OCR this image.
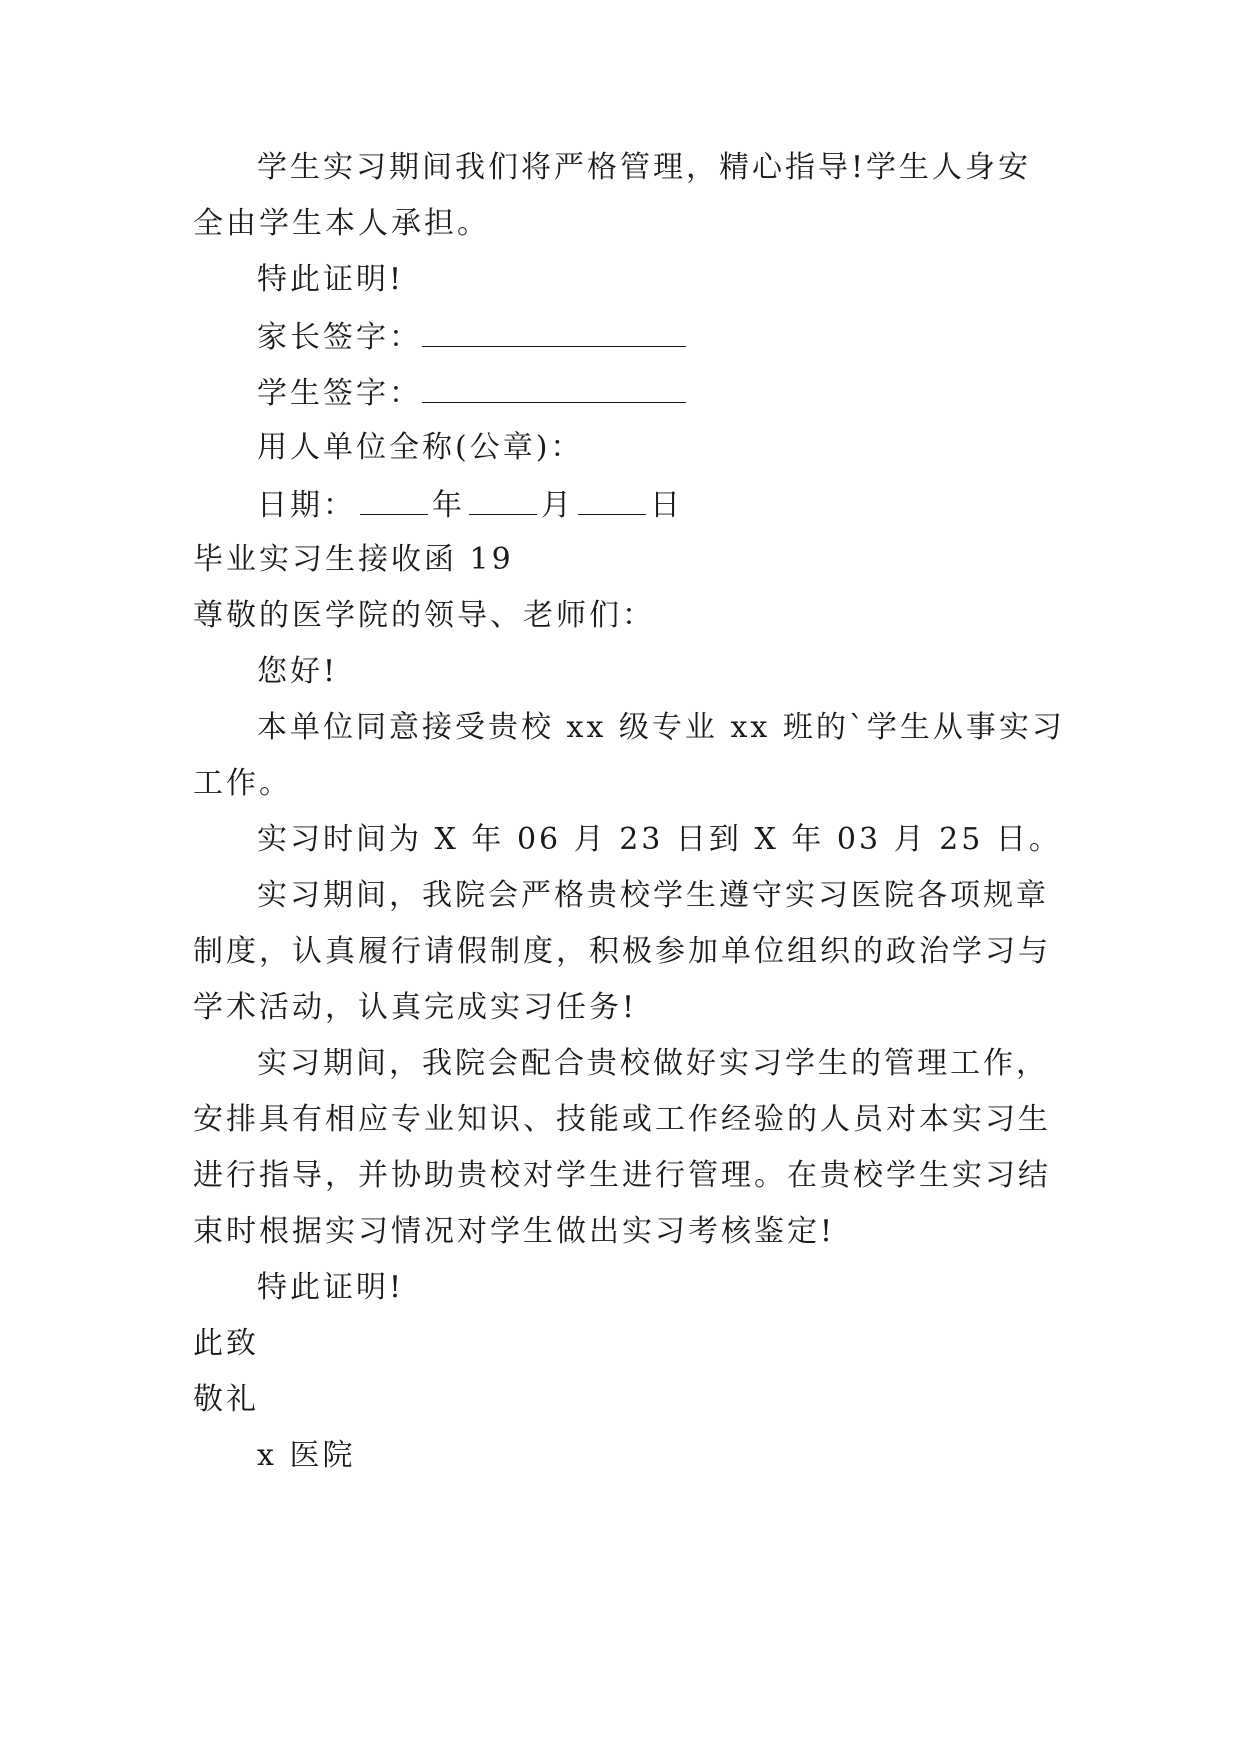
学生实习期间我们将严格管理，精心指导!学生人身安
全由学生本人承担。
特此证明!
家长签字：
学生签字：
用人单位全称(公章)：
日期：	年	月	日
毕业实习生接收函 19
尊敬的医学院的领导、老师们：
您好!
本单位同意接受贵校 xx 级专业 xx 班的`学生从事实习
工作。
实习时间为 X 年 06 月 23 日到 X 年 03 月 25 日。
实习期间，我院会严格贵校学生遵守实习医院各项规章
制度，认真履行请假制度，积极参加单位组织的政治学习与
学术活动，认真完成实习任务!
实习期间，我院会配合贵校做好实习学生的管理工作，
安排具有相应专业知识、技能或工作经验的人员对本实习生
进行指导，并协助贵校对学生进行管理。在贵校学生实习结
束时根据实习情况对学生做出实习考核鉴定!
特此证明!
此致
敬礼
x 医院
